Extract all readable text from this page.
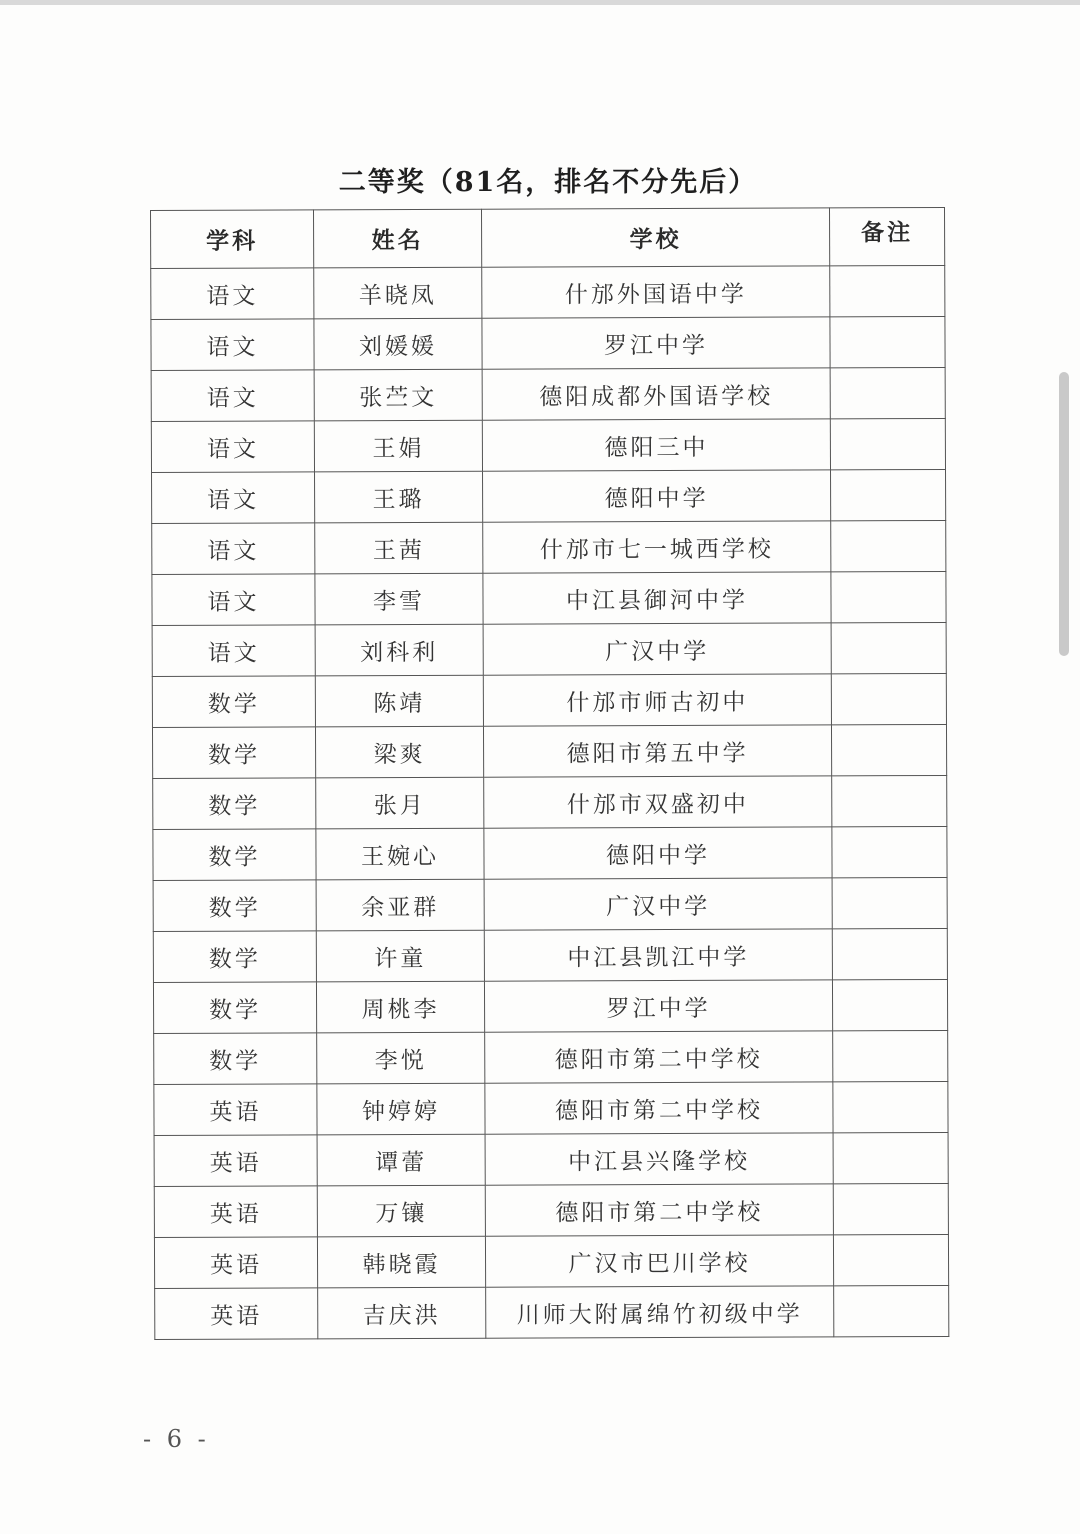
二等奖（81名，排名不分先后）
学科	姓名	学校	备注
语文	羊晓凤	什邡外国语中学	
语文	刘媛媛	罗江中学	
语文	张苎文	德阳成都外国语学校	
语文	王娟	德阳三中	
语文	王璐	德阳中学	
语文	王茜	什邡市七一城西学校	
语文	李雪	中江县御河中学	
语文	刘科利	广汉中学	
数学	陈靖	什邡市师古初中	
数学	梁爽	德阳市第五中学	
数学	张月	什邡市双盛初中	
数学	王婉心	德阳中学	
数学	余亚群	广汉中学	
数学	许童	中江县凯江中学	
数学	周桃李	罗江中学	
数学	李悦	德阳市第二中学校	
英语	钟婷婷	德阳市第二中学校	
英语	谭蕾	中江县兴隆学校	
英语	万镶	德阳市第二中学校	
英语	韩晓霞	广汉市巴川学校	
英语	吉庆洪	川师大附属绵竹初级中学	
- 6 -
